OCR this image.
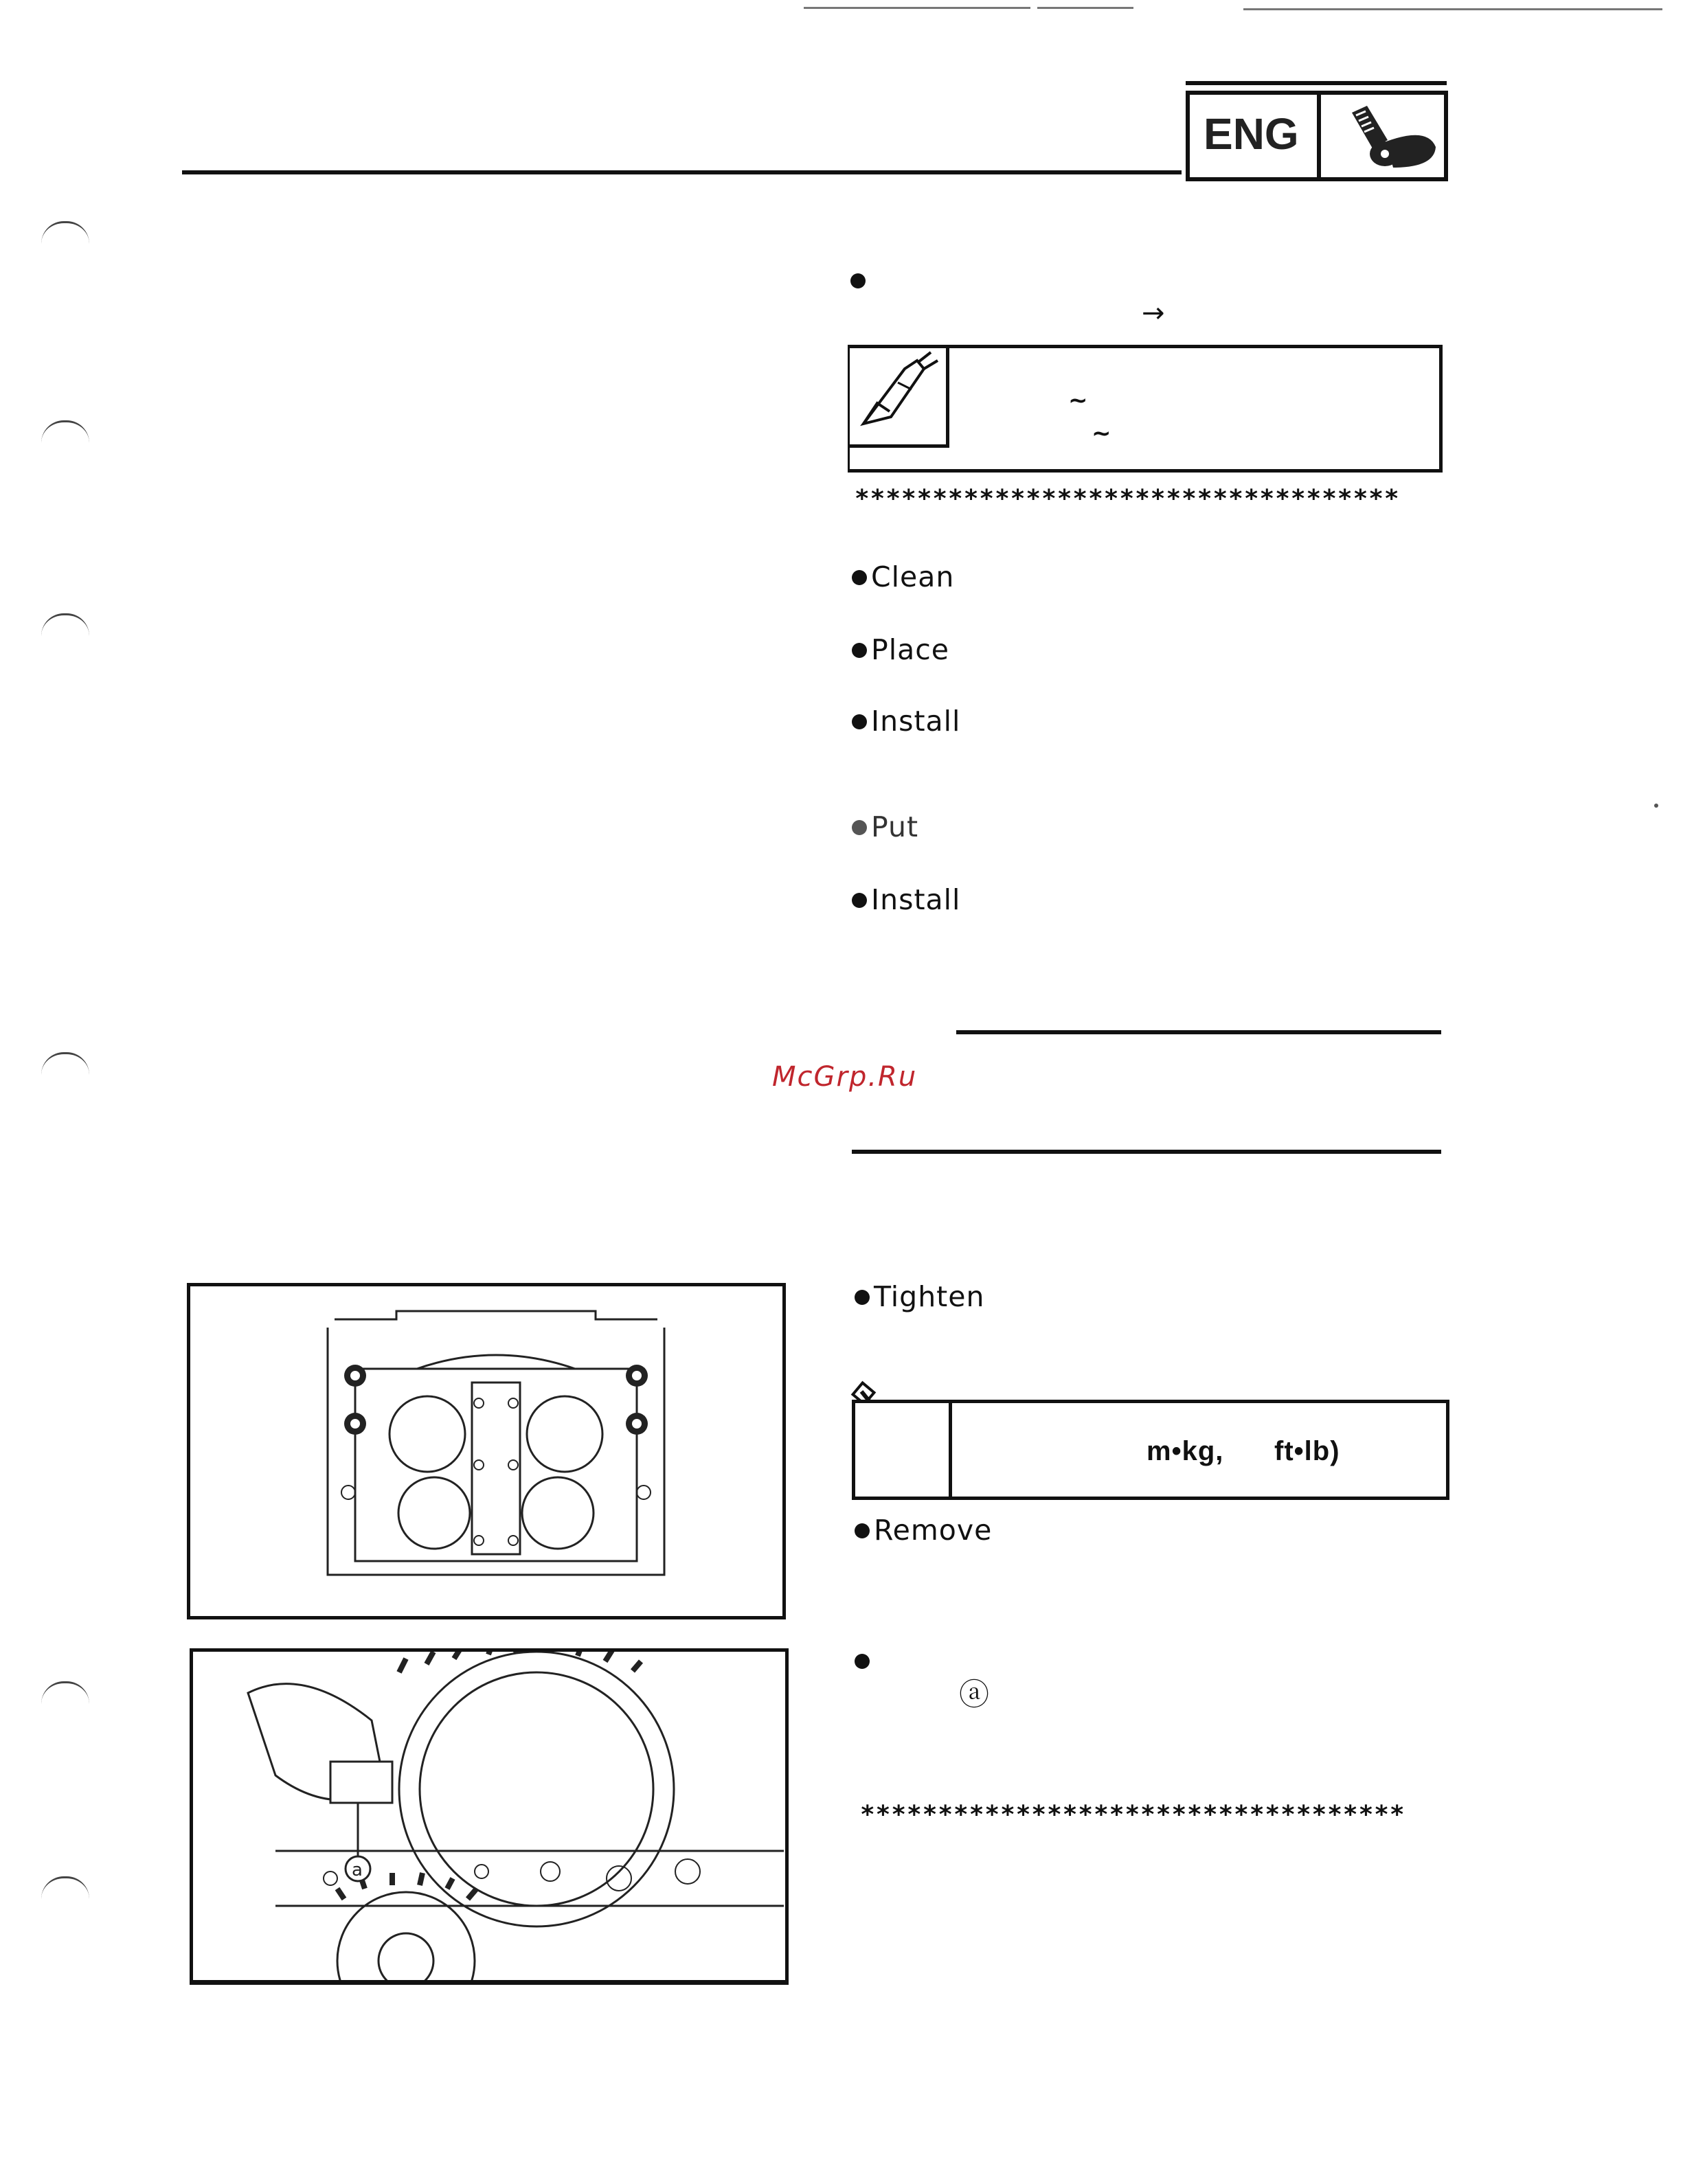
ENG
→
~
~
***********************************
Clean
Place
Install
Put
Install
McGrp.Ru
Tighten
m•kg, ft•lb)
Remove
ⓐ
***********************************
a
